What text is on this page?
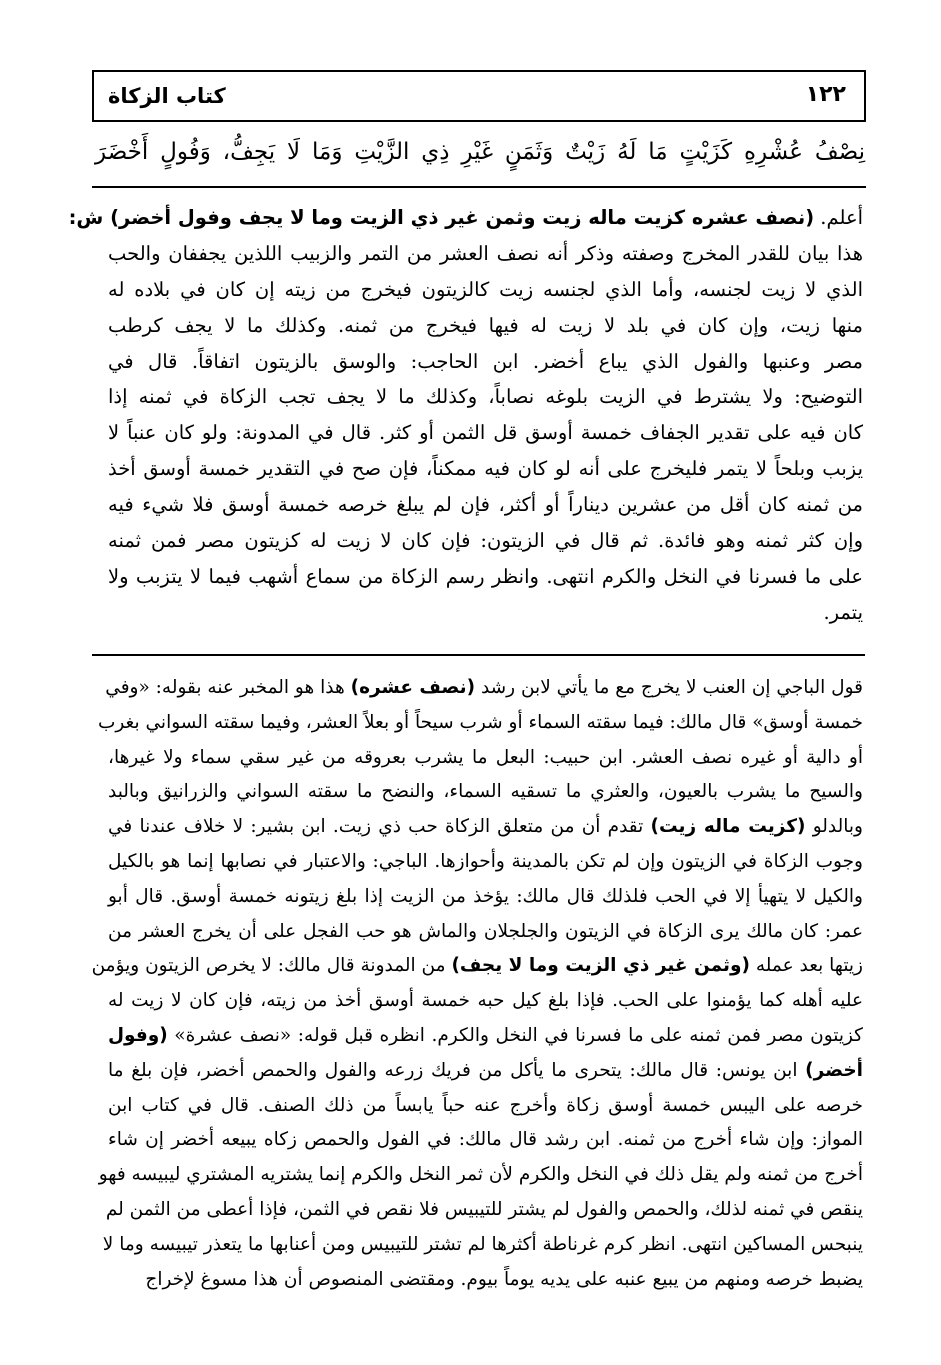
كتاب الزكاة	١٢٢

نِصْفُ عُشْرِهِ كَزَيْتٍ مَا لَهُ زَيْتٌ وَثَمَنٍ غَيْرِ ذِي الزَّيْتِ وَمَا لَا يَجِفُّ، وَفُولٍ أَخْضَرَ

أعلم. (نصف عشره كزيت ماله زيت وثمن غير ذي الزيت وما لا يجف وفول أخضر) ش:
هذا بيان للقدر المخرج وصفته وذكر أنه نصف العشر من التمر والزبيب اللذين يجففان والحب
الذي لا زيت لجنسه، وأما الذي لجنسه زيت كالزيتون فيخرج من زيته إن كان في بلاده له
منها زيت، وإن كان في بلد لا زيت له فيها فيخرج من ثمنه. وكذلك ما لا يجف كرطب
مصر وعنبها والفول الذي يباع أخضر. ابن الحاجب: والوسق بالزيتون اتفاقاً. قال في
التوضيح: ولا يشترط في الزيت بلوغه نصاباً، وكذلك ما لا يجف تجب الزكاة في ثمنه إذا
كان فيه على تقدير الجفاف خمسة أوسق قل الثمن أو كثر. قال في المدونة: ولو كان عنباً لا
يزبب وبلحاً لا يتمر فليخرج على أنه لو كان فيه ممكناً، فإن صح في التقدير خمسة أوسق أخذ
من ثمنه كان أقل من عشرين ديناراً أو أكثر، فإن لم يبلغ خرصه خمسة أوسق فلا شيء فيه
وإن كثر ثمنه وهو فائدة. ثم قال في الزيتون: فإن كان لا زيت له كزيتون مصر فمن ثمنه
على ما فسرنا في النخل والكرم انتهى. وانظر رسم الزكاة من سماع أشهب فيما لا يتزبب ولا
يتمر.
قول الباجي إن العنب لا يخرج مع ما يأتي لابن رشد (نصف عشره) هذا هو المخبر عنه بقوله: «وفي
خمسة أوسق» قال مالك: فيما سقته السماء أو شرب سيحاً أو بعلاً العشر، وفيما سقته السواني بغرب
أو دالية أو غيره نصف العشر. ابن حبيب: البعل ما يشرب بعروقه من غير سقي سماء ولا غيرها،
والسيح ما يشرب بالعيون، والعثري ما تسقيه السماء، والنضح ما سقته السواني والزرانيق وبالبد
وبالدلو (كزيت ماله زيت) تقدم أن من متعلق الزكاة حب ذي زيت. ابن بشير: لا خلاف عندنا في
وجوب الزكاة في الزيتون وإن لم تكن بالمدينة وأحوازها. الباجي: والاعتبار في نصابها إنما هو بالكيل
والكيل لا يتهيأ إلا في الحب فلذلك قال مالك: يؤخذ من الزيت إذا بلغ زيتونه خمسة أوسق. قال أبو
عمر: كان مالك يرى الزكاة في الزيتون والجلجلان والماش هو حب الفجل على أن يخرج العشر من
زيتها بعد عمله (وثمن غير ذي الزيت وما لا يجف) من المدونة قال مالك: لا يخرص الزيتون ويؤمن
عليه أهله كما يؤمنوا على الحب. فإذا بلغ كيل حبه خمسة أوسق أخذ من زيته، فإن كان لا زيت له
كزيتون مصر فمن ثمنه على ما فسرنا في النخل والكرم. انظره قبل قوله: «نصف عشرة» (وفول
أخضر) ابن يونس: قال مالك: يتحرى ما يأكل من فريك زرعه والفول والحمص أخضر، فإن بلغ ما
خرصه على اليبس خمسة أوسق زكاة وأخرج عنه حباً يابساً من ذلك الصنف. قال في كتاب ابن
المواز: وإن شاء أخرج من ثمنه. ابن رشد قال مالك: في الفول والحمص زكاه يبيعه أخضر إن شاء
أخرج من ثمنه ولم يقل ذلك في النخل والكرم لأن ثمر النخل والكرم إنما يشتريه المشتري ليبيسه فهو
ينقص في ثمنه لذلك، والحمص والفول لم يشتر للتيبيس فلا نقص في الثمن، فإذا أعطى من الثمن لم
ينبحس المساكين انتهى. انظر كرم غرناطة أكثرها لم تشتر للتيبيس ومن أعنابها ما يتعذر تيبيسه وما لا
يضبط خرصه ومنهم من يبيع عنبه على يديه يوماً بيوم. ومقتضى المنصوص أن هذا مسوغ لإخراج
